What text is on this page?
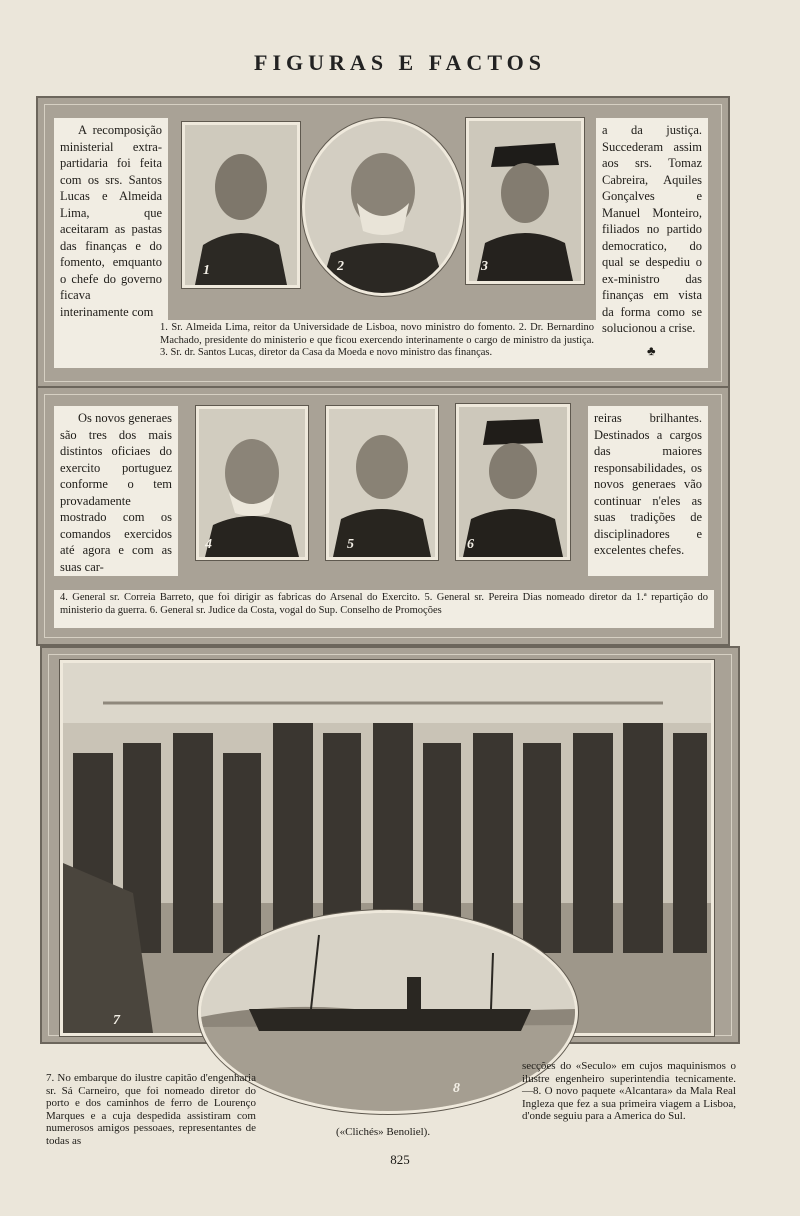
FIGURAS E FACTOS

A recomposição ministerial extra-partidaria foi feita com os srs. Santos Lucas e Almeida Lima, que aceitaram as pastas das finanças e do fomento, emquanto o chefe do governo ficava interinamente com

1	2	3

a da justiça. Succederam assim aos srs. Tomaz Cabreira, Aquiles Gonçalves e Manuel Monteiro, filiados no partido democratico, do qual se despediu o ex-ministro das finanças em vista da forma como se solucionou a crise.

♣
1. Sr. Almeida Lima, reitor da Universidade de Lisboa, novo ministro do fomento. 2. Dr. Bernardino Machado, presidente do ministerio e que ficou exercendo interinamente o cargo de ministro da justiça. 3. Sr. dr. Santos Lucas, diretor da Casa da Moeda e novo ministro das finanças.

Os novos generaes são tres dos mais distintos oficiaes do exercito portuguez conforme o tem provadamente mostrado com os comandos exercidos até agora e com as suas car-

4	5	6

reiras brilhantes. Destinados a cargos das maiores responsabilidades, os novos generaes vão continuar n'eles as suas tradições de disciplinadores e excelentes chefes.

4. General sr. Correia Barreto, que foi dirigir as fabricas do Arsenal do Exercito. 5. General sr. Pereira Dias nomeado diretor da 1.ª repartição do ministerio da guerra. 6. General sr. Judice da Costa, vogal do Sup. Conselho de Promoções
7
8
7. No embarque do ilustre capitão d'engenharia sr. Sá Carneiro, que foi nomeado diretor do porto e dos caminhos de ferro de Lourenço Marques e a cuja despedida assistiram com numerosos amigos pessoaes, representantes de todas as
secções do «Seculo» em cujos maquinismos o ilustre engenheiro superintendia tecnicamente.—8. O novo paquete «Alcantara» da Mala Real Ingleza que fez a sua primeira viagem a Lisboa, d'onde seguiu para a America do Sul.
(«Clichés» Benoliel).
825
